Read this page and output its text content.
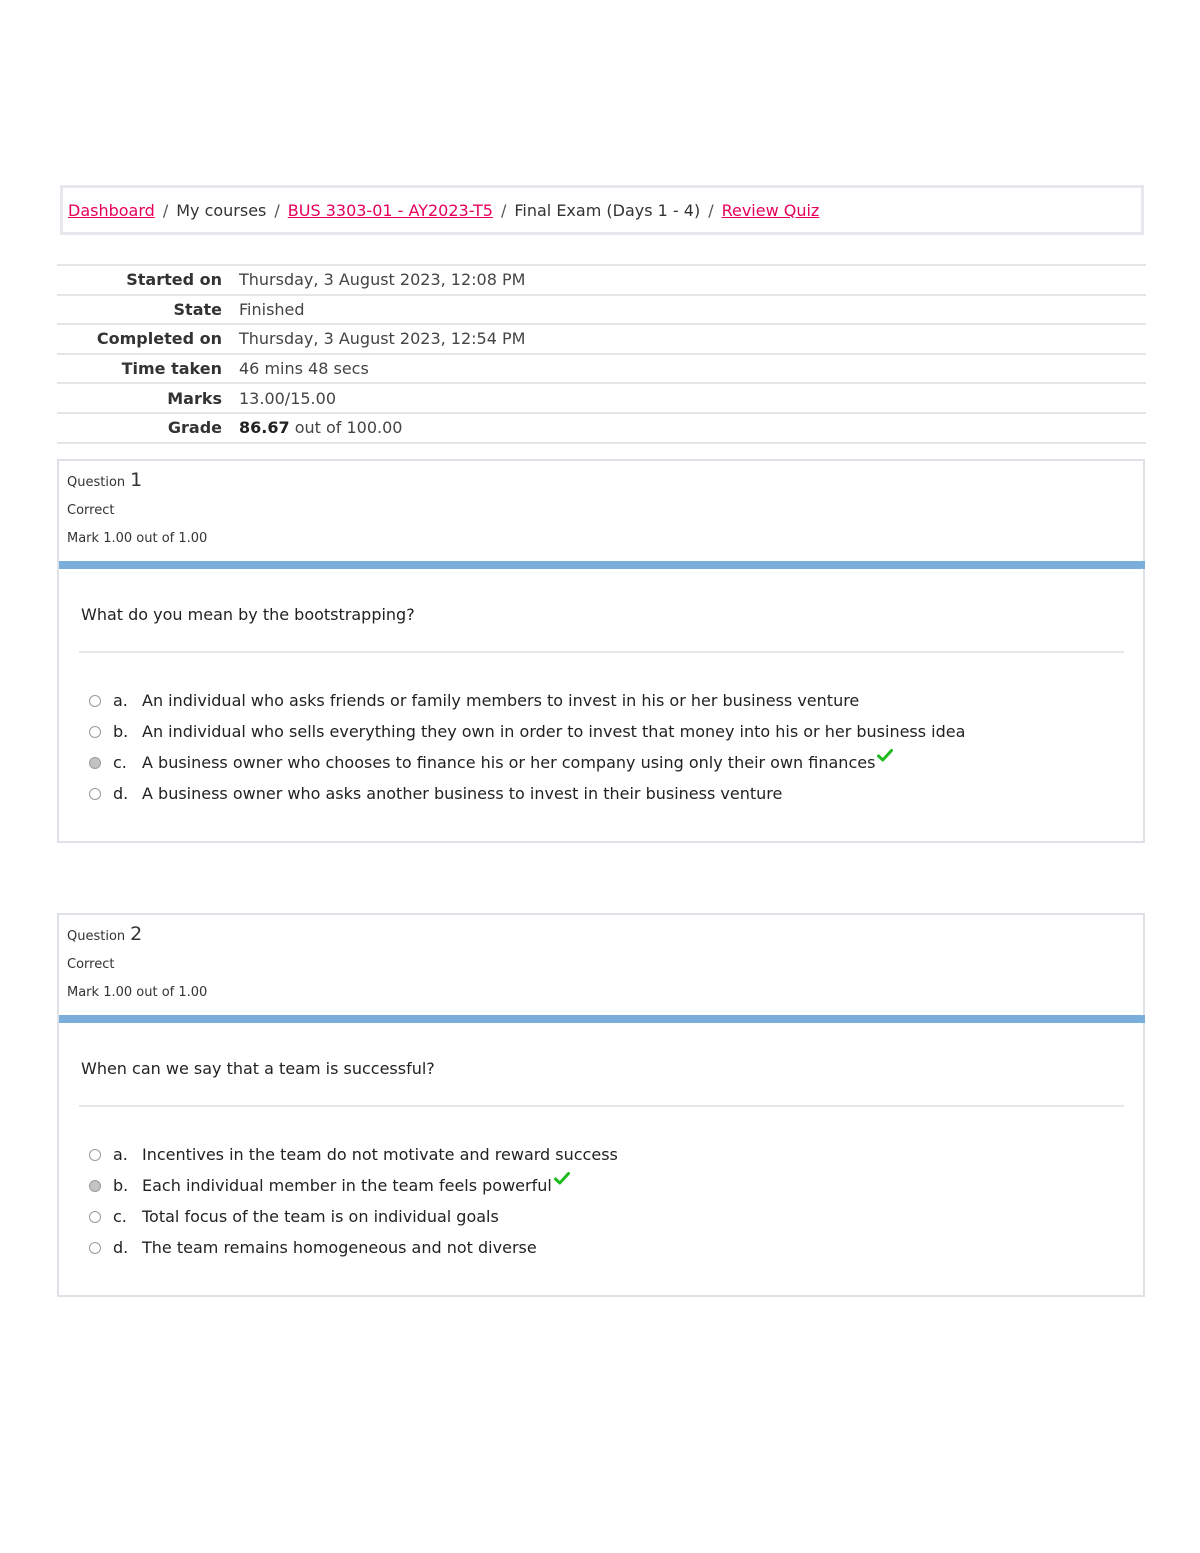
Dashboard / My courses / BUS 3303-01 - AY2023-T5 / Final Exam (Days 1 - 4) / Review Quiz
Started on	Thursday, 3 August 2023, 12:08 PM
State	Finished
Completed on	Thursday, 3 August 2023, 12:54 PM
Time taken	46 mins 48 secs
Marks	13.00/15.00
Grade	86.67 out of 100.00
Question 1
Correct
Mark 1.00 out of 1.00
What do you mean by the bootstrapping?
a. An individual who asks friends or family members to invest in his or her business venture
b. An individual who sells everything they own in order to invest that money into his or her business idea
c. A business owner who chooses to finance his or her company using only their own finances
d. A business owner who asks another business to invest in their business venture
Question 2
Correct
Mark 1.00 out of 1.00
When can we say that a team is successful?
a. Incentives in the team do not motivate and reward success
b. Each individual member in the team feels powerful
c. Total focus of the team is on individual goals
d. The team remains homogeneous and not diverse
